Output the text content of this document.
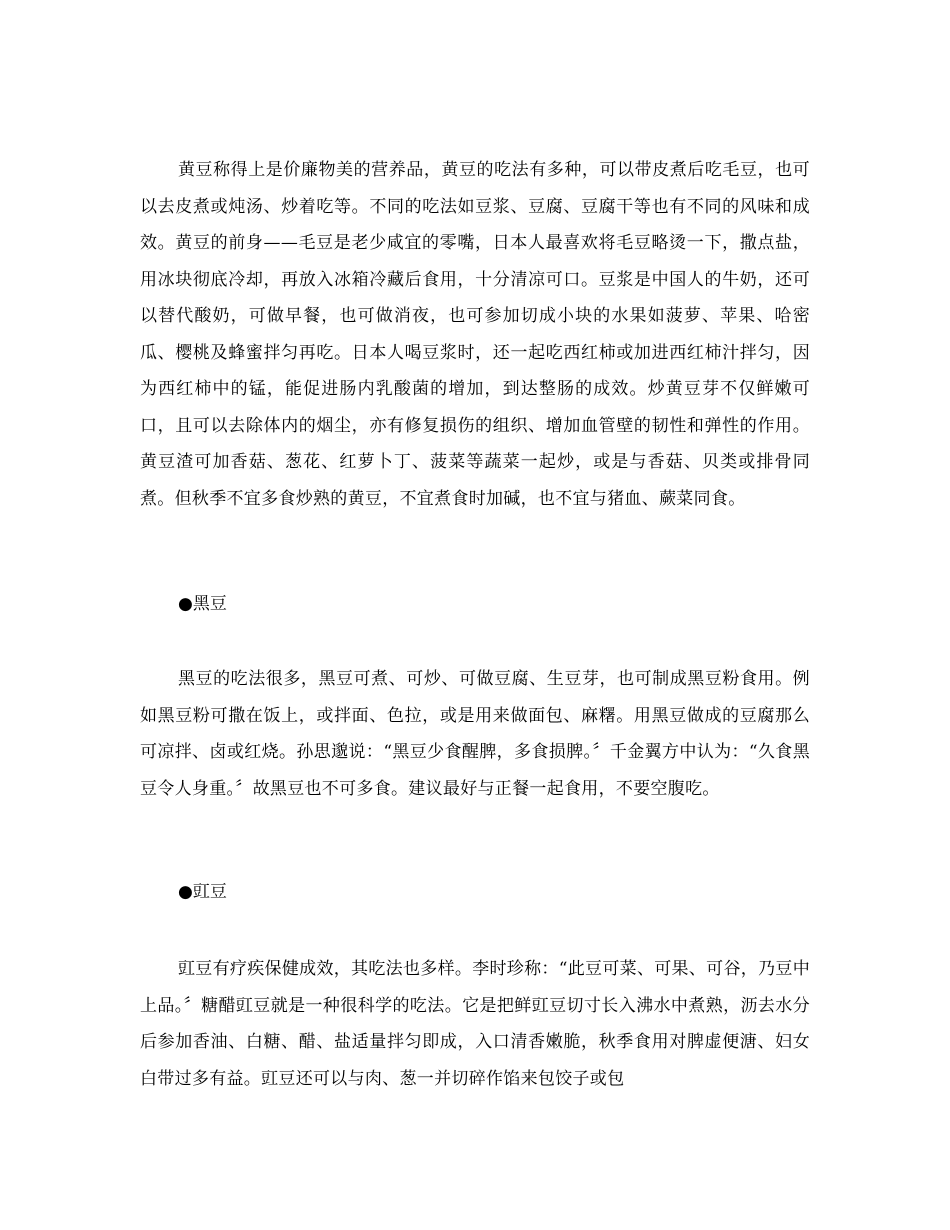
黄豆称得上是价廉物美的营养品，黄豆的吃法有多种，可以带皮煮后吃毛豆，也可以去皮煮或炖汤、炒着吃等。不同的吃法如豆浆、豆腐、豆腐干等也有不同的风味和成效。黄豆的前身——毛豆是老少咸宜的零嘴，日本人最喜欢将毛豆略烫一下，撒点盐，用冰块彻底冷却，再放入冰箱冷藏后食用，十分清凉可口。豆浆是中国人的牛奶，还可以替代酸奶，可做早餐，也可做消夜，也可参加切成小块的水果如菠萝、苹果、哈密瓜、樱桃及蜂蜜拌匀再吃。日本人喝豆浆时，还一起吃西红柿或加进西红柿汁拌匀，因为西红柿中的锰，能促进肠内乳酸菌的增加，到达整肠的成效。炒黄豆芽不仅鲜嫩可口，且可以去除体内的烟尘，亦有修复损伤的组织、增加血管壁的韧性和弹性的作用。黄豆渣可加香菇、葱花、红萝卜丁、菠菜等蔬菜一起炒，或是与香菇、贝类或排骨同煮。但秋季不宜多食炒熟的黄豆，不宜煮食时加碱，也不宜与猪血、蕨菜同食。

●黑豆

黑豆的吃法很多，黑豆可煮、可炒、可做豆腐、生豆芽，也可制成黑豆粉食用。例如黑豆粉可撒在饭上，或拌面、色拉，或是用来做面包、麻糬。用黑豆做成的豆腐那么可凉拌、卤或红烧。孙思邈说：“黑豆少食醒脾，多食损脾。〞千金翼方中认为：“久食黑豆令人身重。〞故黑豆也不可多食。建议最好与正餐一起食用，不要空腹吃。

●豇豆

豇豆有疗疾保健成效，其吃法也多样。李时珍称：“此豆可菜、可果、可谷，乃豆中上品。〞糖醋豇豆就是一种很科学的吃法。它是把鲜豇豆切寸长入沸水中煮熟，沥去水分后参加香油、白糖、醋、盐适量拌匀即成，入口清香嫩脆，秋季食用对脾虚便溏、妇女白带过多有益。豇豆还可以与肉、葱一并切碎作馅来包饺子或包
